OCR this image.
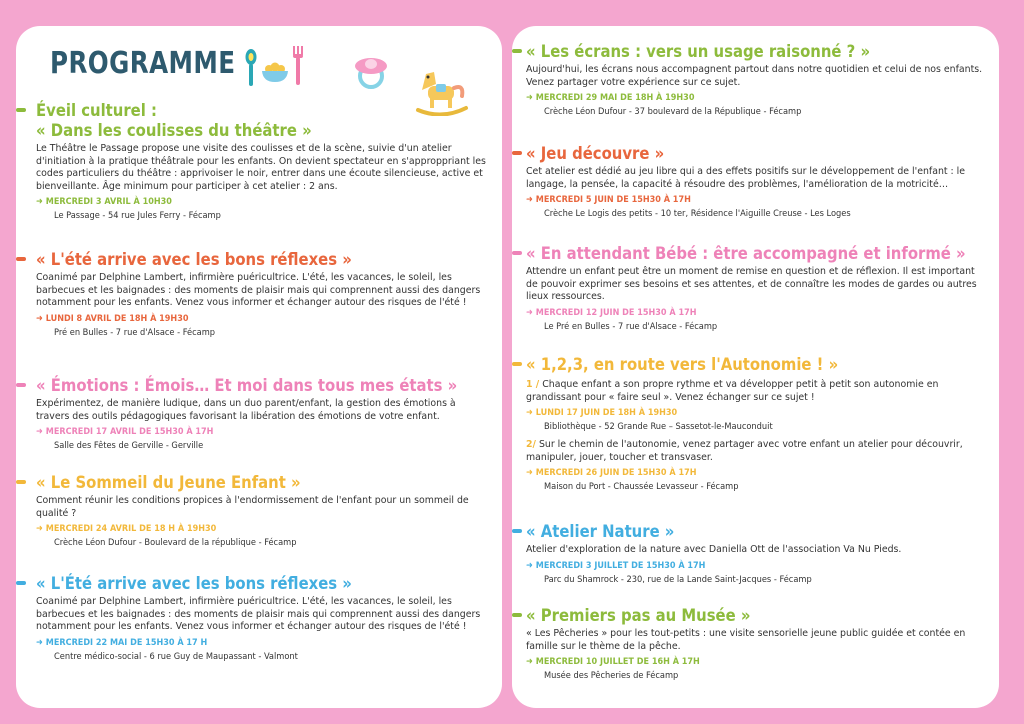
PROGRAMME
Éveil culturel :
« Dans les coulisses du théâtre »

Le Théâtre le Passage propose une visite des coulisses et de la scène, suivie d'un atelier d'initiation à la pratique théâtrale pour les enfants. On devient spectateur en s'approppriant les codes particuliers du théâtre : apprivoiser le noir, entrer dans une écoute silencieuse, active et bienveillante. Âge minimum pour participer à cet atelier : 2 ans.

➜ MERCREDI 3 AVRIL À 10H30

Le Passage - 54 rue Jules Ferry - Fécamp

« L'été arrive avec les bons réflexes »

Coanimé par Delphine Lambert, infirmière puéricultrice. L'été, les vacances, le soleil, les barbecues et les baignades : des moments de plaisir mais qui comprennent aussi des dangers notamment pour les enfants. Venez vous informer et échanger autour des risques de l'été !

➜ LUNDI 8 AVRIL DE 18H À 19H30

Pré en Bulles - 7 rue d'Alsace - Fécamp

« Émotions : Émois… Et moi dans tous mes états »

Expérimentez, de manière ludique, dans un duo parent/enfant, la gestion des émotions à travers des outils pédagogiques favorisant la libération des émotions de votre enfant.

➜ MERCREDI 17 AVRIL DE 15H30 À 17H

Salle des Fêtes de Gerville - Gerville

« Le Sommeil du Jeune Enfant »

Comment réunir les conditions propices à l'endormissement de l'enfant pour un sommeil de qualité ?

➜ MERCREDI 24 AVRIL DE 18 H À 19H30

Crèche Léon Dufour - Boulevard de la république - Fécamp

« L'Été arrive avec les bons réflexes »

Coanimé par Delphine Lambert, infirmière puéricultrice. L'été, les vacances, le soleil, les barbecues et les baignades : des moments de plaisir mais qui comprennent aussi des dangers notamment pour les enfants. Venez vous informer et échanger autour des risques de l'été !

➜ MERCREDI 22 MAI DE 15H30 À 17 H

Centre médico-social - 6 rue Guy de Maupassant - Valmont

« Les écrans : vers un usage raisonné ? »

Aujourd'hui, les écrans nous accompagnent partout dans notre quotidien et celui de nos enfants. Venez partager votre expérience sur ce sujet.

➜ MERCREDI 29 MAI DE 18H À 19H30

Crèche Léon Dufour - 37 boulevard de la République - Fécamp

« Jeu découvre »

Cet atelier est dédié au jeu libre qui a des effets positifs sur le développement de l'enfant : le langage, la pensée, la capacité à résoudre des problèmes, l'amélioration de la motricité…

➜ MERCREDI 5 JUIN DE 15H30 À 17H

Crèche Le Logis des petits - 10 ter, Résidence l'Aiguille Creuse - Les Loges

« En attendant Bébé : être accompagné et informé »

Attendre un enfant peut être un moment de remise en question et de réflexion. Il est important de pouvoir exprimer ses besoins et ses attentes, et de connaître les modes de gardes ou autres lieux ressources.

➜ MERCREDI 12 JUIN DE 15H30 À 17H

Le Pré en Bulles - 7 rue d'Alsace - Fécamp

« 1,2,3, en route vers l'Autonomie ! »

1 / Chaque enfant a son propre rythme et va développer petit à petit son autonomie en grandissant pour « faire seul ». Venez échanger sur ce sujet !

➜ LUNDI 17 JUIN DE 18H À 19H30

Bibliothèque - 52 Grande Rue – Sassetot-le-Mauconduit

2/ Sur le chemin de l'autonomie, venez partager avec votre enfant un atelier pour découvrir, manipuler, jouer, toucher et transvaser.

➜ MERCREDI 26 JUIN DE 15H30 À 17H

Maison du Port - Chaussée Levasseur - Fécamp

« Atelier Nature »

Atelier d'exploration de la nature avec Daniella Ott de l'association Va Nu Pieds.

➜ MERCREDI 3 JUILLET DE 15H30 À 17H

Parc du Shamrock - 230, rue de la Lande Saint-Jacques - Fécamp

« Premiers pas au Musée »

« Les Pêcheries » pour les tout-petits : une visite sensorielle jeune public guidée et contée en famille sur le thème de la pêche.

➜ MERCREDI 10 JUILLET DE 16H À 17H

Musée des Pêcheries de Fécamp
